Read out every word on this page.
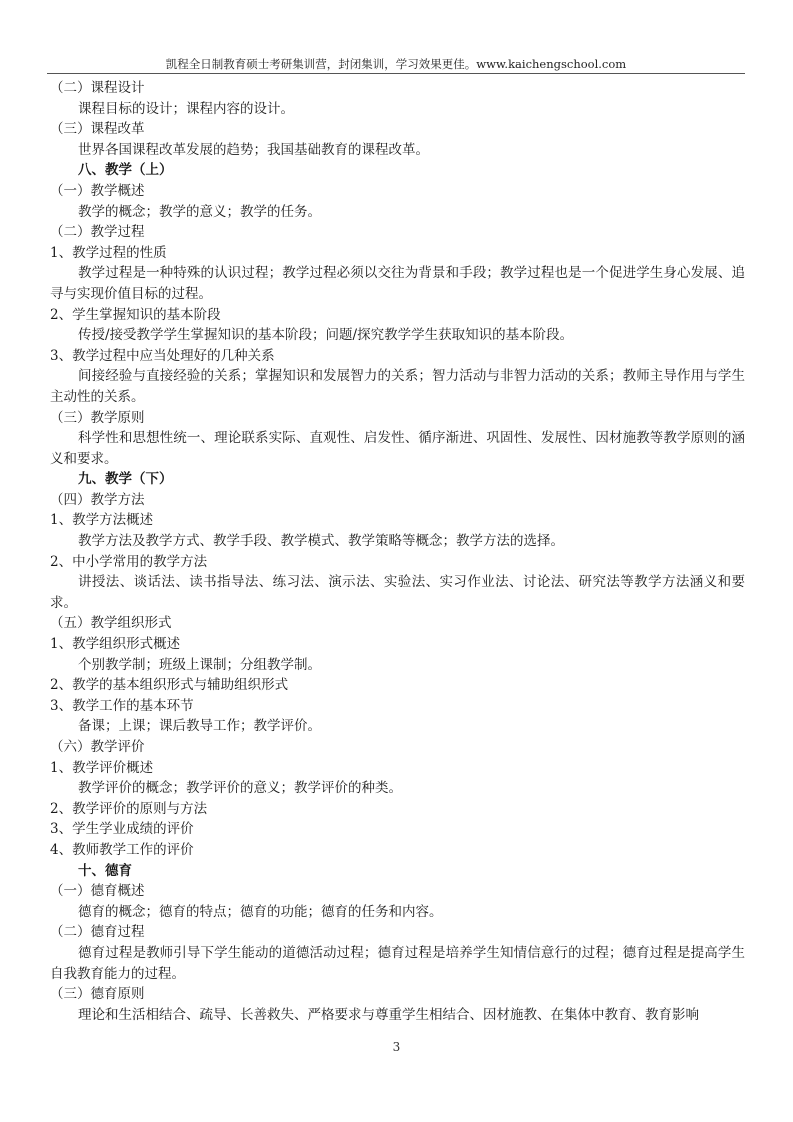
凯程全日制教育硕士考研集训营，封闭集训，学习效果更佳。www.kaichengschool.com
（二）课程设计
课程目标的设计；课程内容的设计。
（三）课程改革
世界各国课程改革发展的趋势；我国基础教育的课程改革。
八、教学（上）
（一）教学概述
教学的概念；教学的意义；教学的任务。
（二）教学过程
1、教学过程的性质
教学过程是一种特殊的认识过程；教学过程必须以交往为背景和手段；教学过程也是一个促进学生身心发展、追寻与实现价值目标的过程。
2、学生掌握知识的基本阶段
传授/接受教学学生掌握知识的基本阶段；问题/探究教学学生获取知识的基本阶段。
3、教学过程中应当处理好的几种关系
间接经验与直接经验的关系；掌握知识和发展智力的关系；智力活动与非智力活动的关系；教师主导作用与学生主动性的关系。
（三）教学原则
科学性和思想性统一、理论联系实际、直观性、启发性、循序渐进、巩固性、发展性、因材施教等教学原则的涵义和要求。
九、教学（下）
（四）教学方法
1、教学方法概述
教学方法及教学方式、教学手段、教学模式、教学策略等概念；教学方法的选择。
2、中小学常用的教学方法
讲授法、谈话法、读书指导法、练习法、演示法、实验法、实习作业法、讨论法、研究法等教学方法涵义和要求。
（五）教学组织形式
1、教学组织形式概述
个别教学制；班级上课制；分组教学制。
2、教学的基本组织形式与辅助组织形式
3、教学工作的基本环节
备课；上课；课后教导工作；教学评价。
（六）教学评价
1、教学评价概述
教学评价的概念；教学评价的意义；教学评价的种类。
2、教学评价的原则与方法
3、学生学业成绩的评价
4、教师教学工作的评价
十、德育
（一）德育概述
德育的概念；德育的特点；德育的功能；德育的任务和内容。
（二）德育过程
德育过程是教师引导下学生能动的道德活动过程；德育过程是培养学生知情信意行的过程；德育过程是提高学生自我教育能力的过程。
（三）德育原则
理论和生活相结合、疏导、长善救失、严格要求与尊重学生相结合、因材施教、在集体中教育、教育影响
3
